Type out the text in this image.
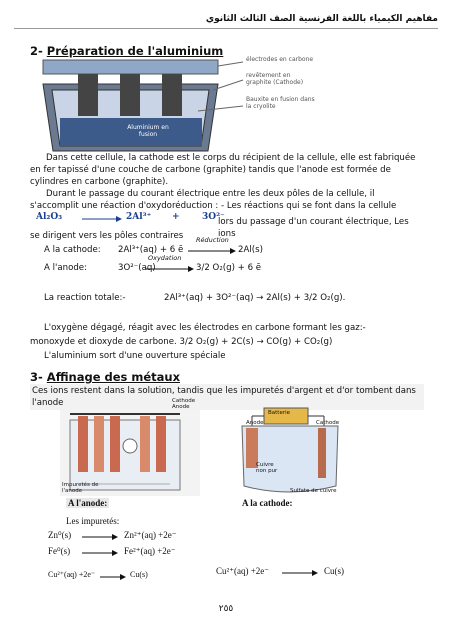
مفاهيم الكيمياء باللغة الفرنسية الصف الثالث الثانوي
2- Préparation de l'aluminium
électrodes en carbone
revêtement en graphite (Cathode)
Bauxite en fusion dans la cryolite
Aluminium en fusion
Dans cette cellule, la cathode est le corps du récipient de la cellule, elle est fabriquée en fer tapissé d'une couche de carbone (graphite) tandis que l'anode est formée de cylindres en carbone (graphite).
Durant le passage du courant électrique entre les deux pôles de la cellule, il s'accomplit une réaction d'oxydoréduction : - Les réactions qui se font dans la cellule
Al₂O₃	2Al³⁺ + 3O²⁻
lors du passage d'un courant électrique, Les ions
se dirigent vers les pôles contraires
A la cathode: 2Al³⁺(aq) + 6 ē
Réduction
2Al(s)
A l'anode:	3O²⁻(aq)
Oxydation
3/2 O₂(g) + 6 ē
La reaction totale:-	2Al³⁺(aq) + 3O²⁻(aq) → 2Al(s) + 3/2 O₂(g).
L'oxygène dégagé, réagit avec les électrodes en carbone formant les gaz:-
monoxyde et dioxyde de carbone. 3/2 O₂(g) + 2C(s) → CO(g) + CO₂(g)
L'aluminium sort d'une ouverture spéciale
3- Affinage des métaux
Ces ions restent dans la solution, tandis que les impuretés d'argent et d'or tombent dans l'anode	Cathode
Anode
Impuretés de l'anode
Batterie
Anode	Cathode
Cuivre non pur
Sulfate de cuivre
A l'anode:	A la cathode:
Les impuretés:
Zn⁰(s)	Zn²⁺(aq) +2e⁻
Fe⁰(s)	Fe²⁺(aq) +2e⁻
Cu²⁺(aq) +2e⁻	Cu(s)	Cu²⁺(aq) +2e⁻	Cu(s)
٢٥٥
